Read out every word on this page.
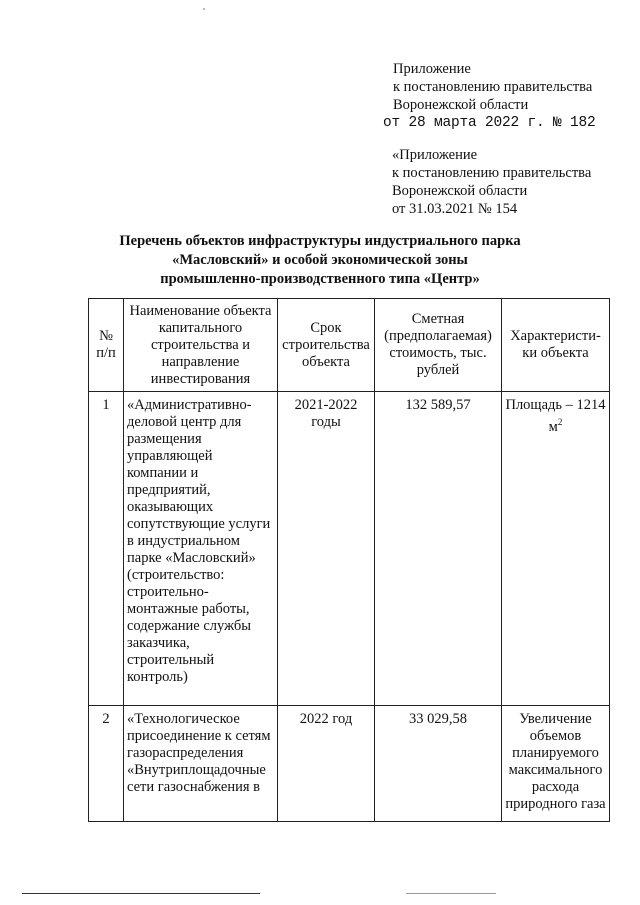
Приложение
к постановлению правительства
Воронежской области
от 28 марта 2022 г. № 182
«Приложение
к постановлению правительства
Воронежской области
от 31.03.2021 № 154
Перечень объектов инфраструктуры индустриального парка
«Масловский» и особой экономической зоны
промышленно-производственного типа «Центр»
№ п/п	Наименование объекта капитального строительства и направление инвестирования	Срок строительства объекта	Сметная (предполагаемая) стоимость, тыс. рублей	Характеристи-ки объекта
1	«Административно-деловой центр для размещения управляющей компании и предприятий, оказывающих сопутствующие услуги в индустриальном парке «Масловский» (строительство: строительно-монтажные работы, содержание службы заказчика, строительный контроль)	2021-2022 годы	132 589,57	Площадь – 1214 $м^2$
2	«Технологическое присоединение к сетям газораспределения «Внутриплощадочные сети газоснабжения в	2022 год	33 029,58	Увеличение объемов планируемого максимального расхода природного газа
